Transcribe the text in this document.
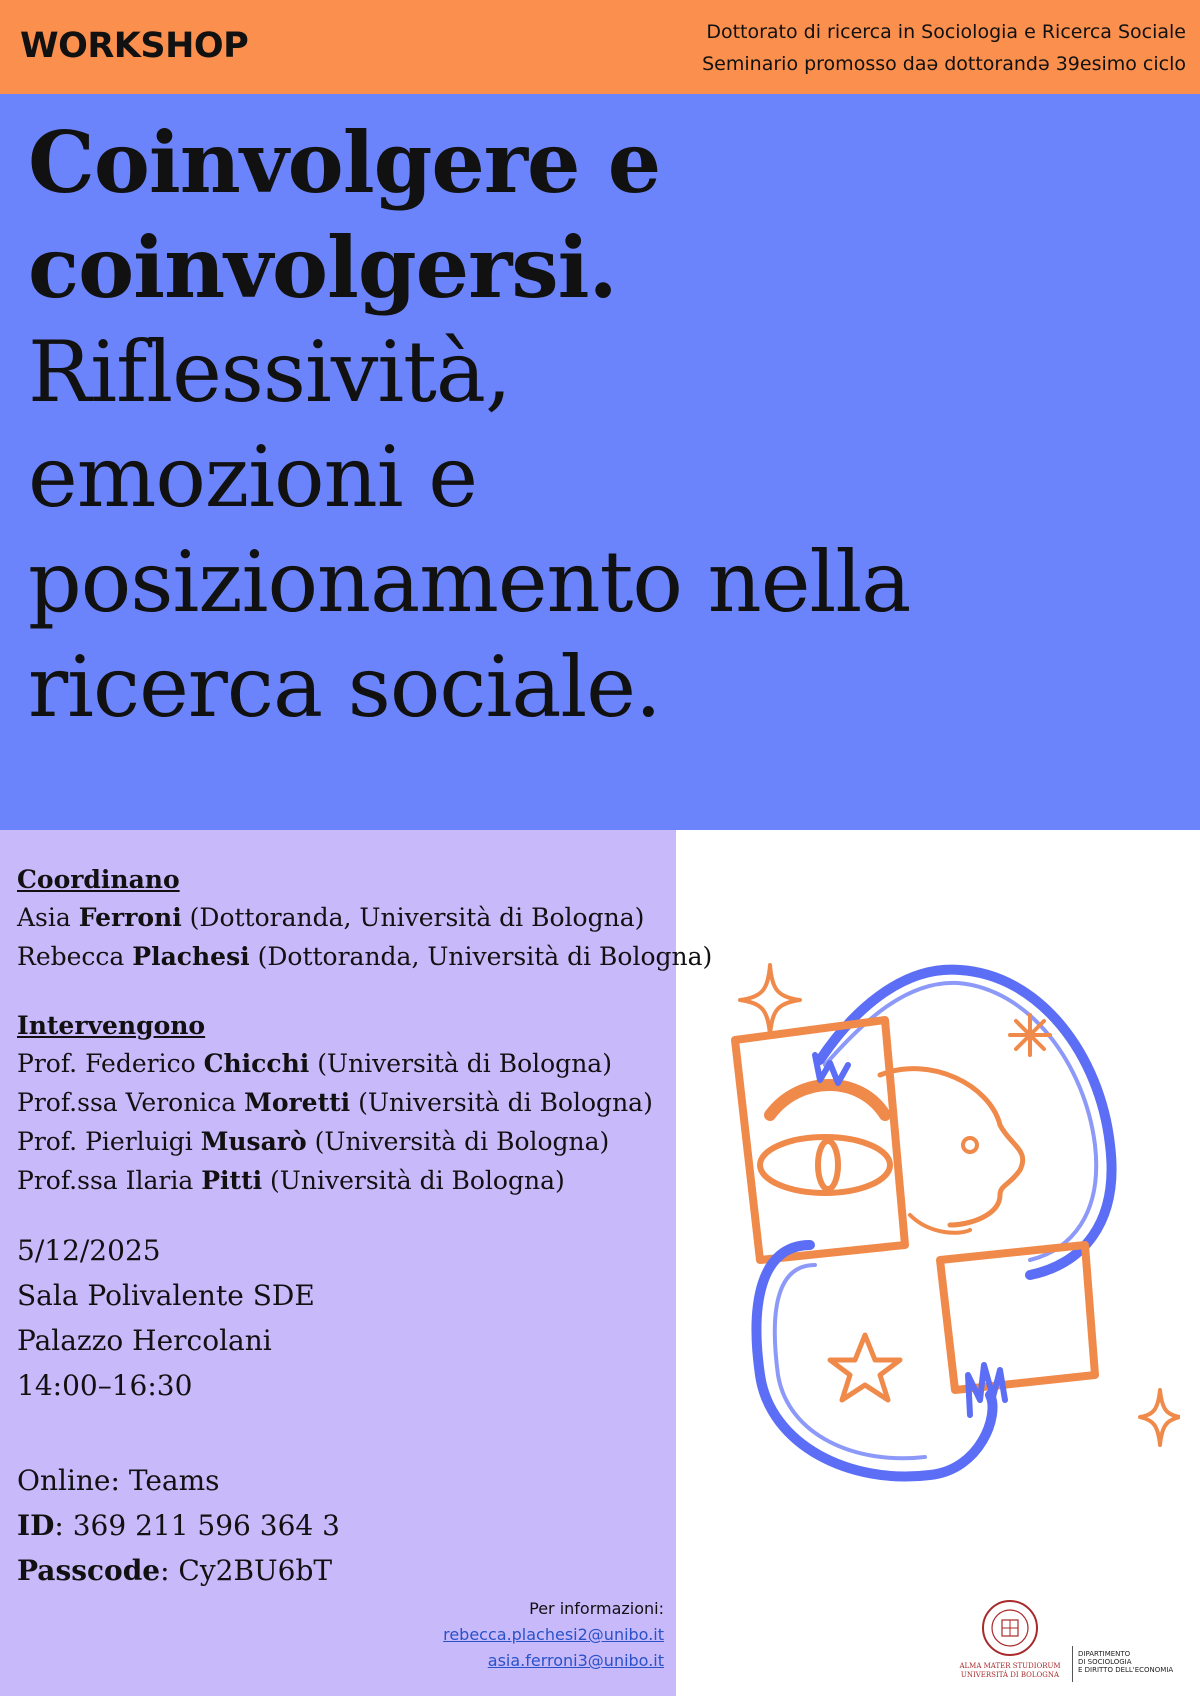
WORKSHOP	Dottorato di ricerca in Sociologia e Ricerca Sociale
Seminario promosso daə dottorandə 39esimo ciclo
Coinvolgere e
coinvolgersi.
Riflessività,
emozioni e
posizionamento nella
ricerca sociale.
Coordinano
Asia Ferroni (Dottoranda, Università di Bologna)
Rebecca Plachesi (Dottoranda, Università di Bologna)
Intervengono
Prof. Federico Chicchi (Università di Bologna)
Prof.ssa Veronica Moretti (Università di Bologna)
Prof. Pierluigi Musarò (Università di Bologna)
Prof.ssa Ilaria Pitti (Università di Bologna)
5/12/2025
Sala Polivalente SDE
Palazzo Hercolani
14:00–16:30
Online: Teams
ID: 369 211 596 364 3
Passcode: Cy2BU6bT
Per informazioni:
rebecca.plachesi2@unibo.it
asia.ferroni3@unibo.it	ALMA MATER STUDIORUM
UNIVERSITÀ DI BOLOGNA
DIPARTIMENTO
DI SOCIOLOGIA
E DIRITTO DELL'ECONOMIA
